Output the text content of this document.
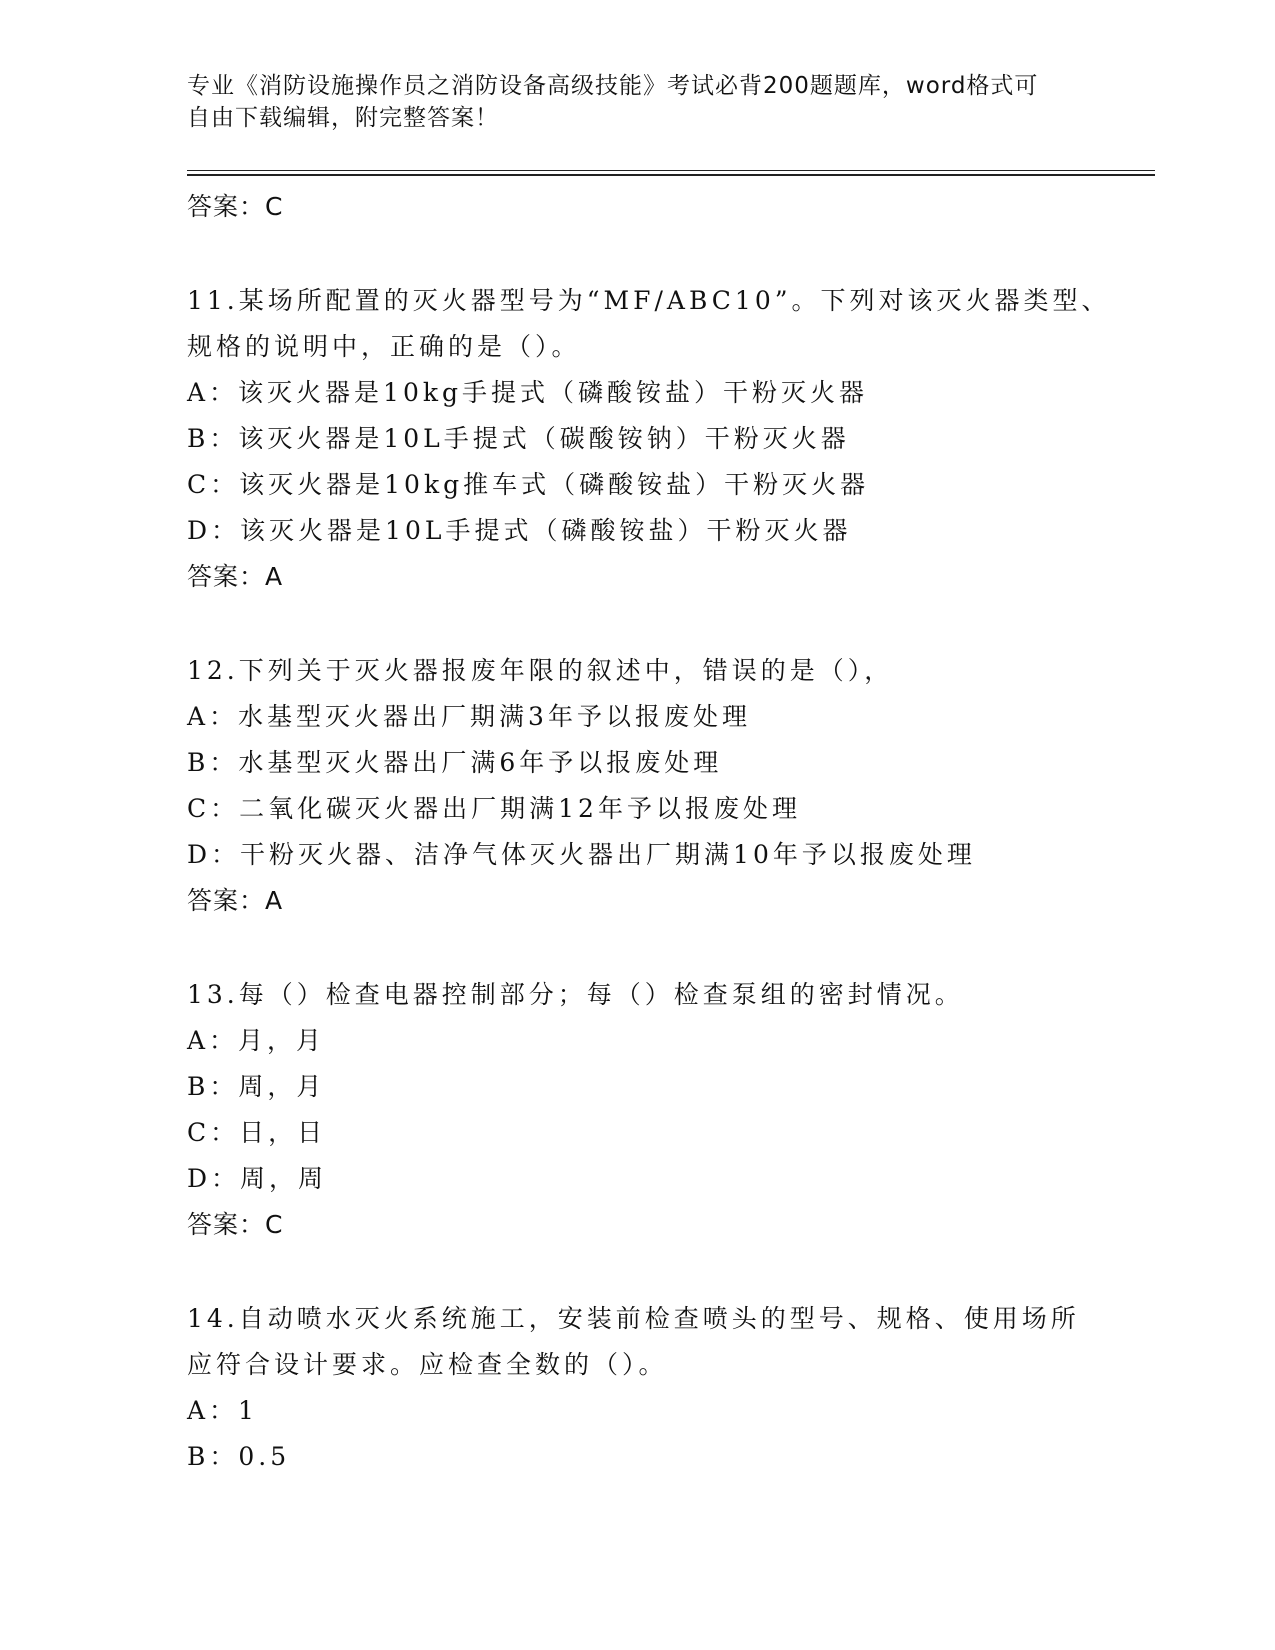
专业《消防设施操作员之消防设备高级技能》考试必背200题题库，word格式可
自由下载编辑，附完整答案！
答案：C
11.某场所配置的灭火器型号为“MF/ABC10”。下列对该灭火器类型、
规格的说明中，正确的是（）。
A：该灭火器是10kg手提式（磷酸铵盐）干粉灭火器
B：该灭火器是10L手提式（碳酸铵钠）干粉灭火器
C：该灭火器是10kg推车式（磷酸铵盐）干粉灭火器
D：该灭火器是10L手提式（磷酸铵盐）干粉灭火器
答案：A
12.下列关于灭火器报废年限的叙述中，错误的是（），
A：水基型灭火器出厂期满3年予以报废处理
B：水基型灭火器出厂满6年予以报废处理
C：二氧化碳灭火器出厂期满12年予以报废处理
D：干粉灭火器、洁净气体灭火器出厂期满10年予以报废处理
答案：A
13.每（）检查电器控制部分；每（）检查泵组的密封情况。
A：月，月
B：周，月
C：日，日
D：周，周
答案：C
14.自动喷水灭火系统施工，安装前检查喷头的型号、规格、使用场所
应符合设计要求。应检查全数的（）。
A：1
B：0.5
